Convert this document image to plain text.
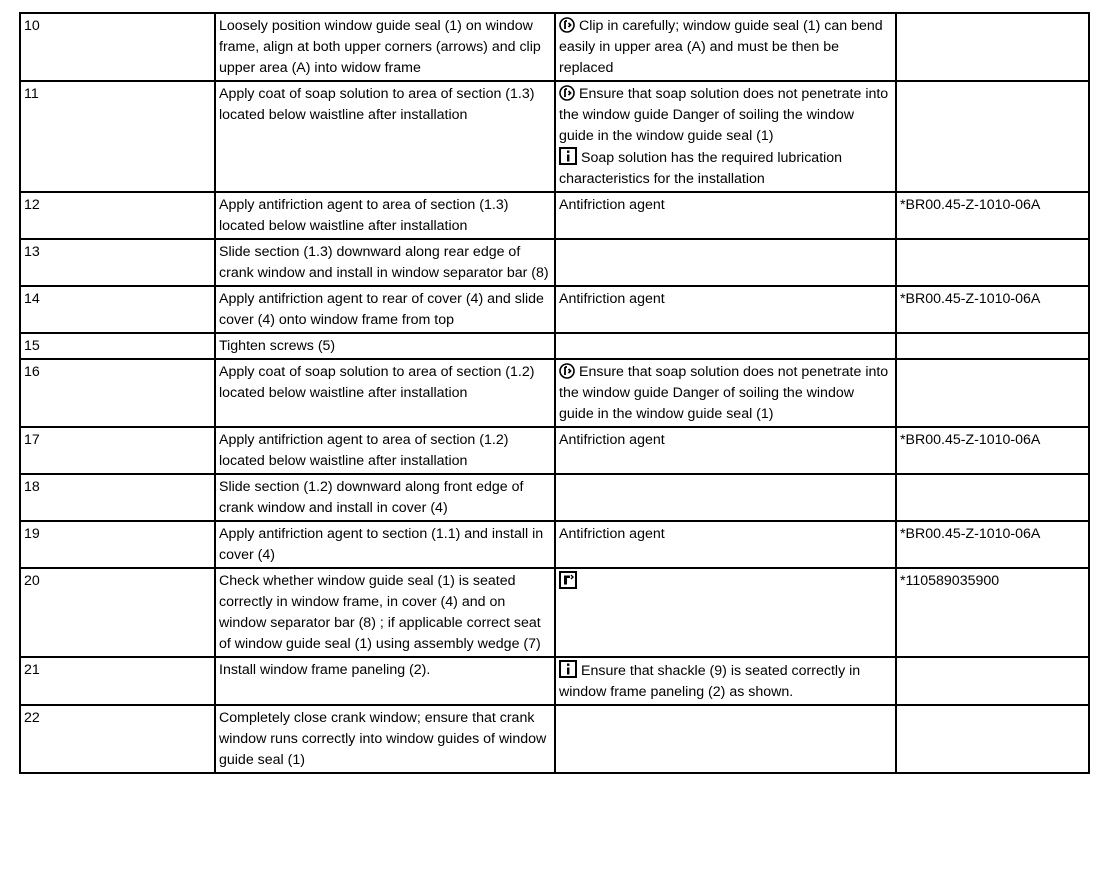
10	Loosely position window guide seal (1) on window frame, align at both upper corners (arrows) and clip upper area (A) into widow frame	Clip in carefully; window guide seal (1) can bend easily in upper area (A) and must be then be replaced	

11	Apply coat of soap solution to area of section (1.3) located below waistline after installation	Ensure that soap solution does not penetrate into the window guide Danger of soiling the window guide in the window guide seal (1)
Soap solution has the required lubrication characteristics for the installation	

12	Apply antifriction agent to area of section (1.3) located below waistline after installation	Antifriction agent	*BR00.45-Z-1010-06A
13	Slide section (1.3) downward along rear edge of crank window and install in window separator bar (8)		
14	Apply antifriction agent to rear of cover (4) and slide cover (4) onto window frame from top	Antifriction agent	*BR00.45-Z-1010-06A
15	Tighten screws (5)		
16	Apply coat of soap solution to area of section (1.2) located below waistline after installation	Ensure that soap solution does not penetrate into the window guide Danger of soiling the window guide in the window guide seal (1)	

17	Apply antifriction agent to area of section (1.2) located below waistline after installation	Antifriction agent	*BR00.45-Z-1010-06A
18	Slide section (1.2) downward along front edge of crank window and install in cover (4)		
19	Apply antifriction agent to section (1.1) and install in cover (4)	Antifriction agent	*BR00.45-Z-1010-06A
20	Check whether window guide seal (1) is seated correctly in window frame, in cover (4) and on window separator bar (8) ; if applicable correct seat of window guide seal (1) using assembly wedge (7)		*110589035900
21	Install window frame paneling (2).	Ensure that shackle (9) is seated correctly in window frame paneling (2) as shown.	

22	Completely close crank window; ensure that crank window runs correctly into window guides of window guide seal (1)		
